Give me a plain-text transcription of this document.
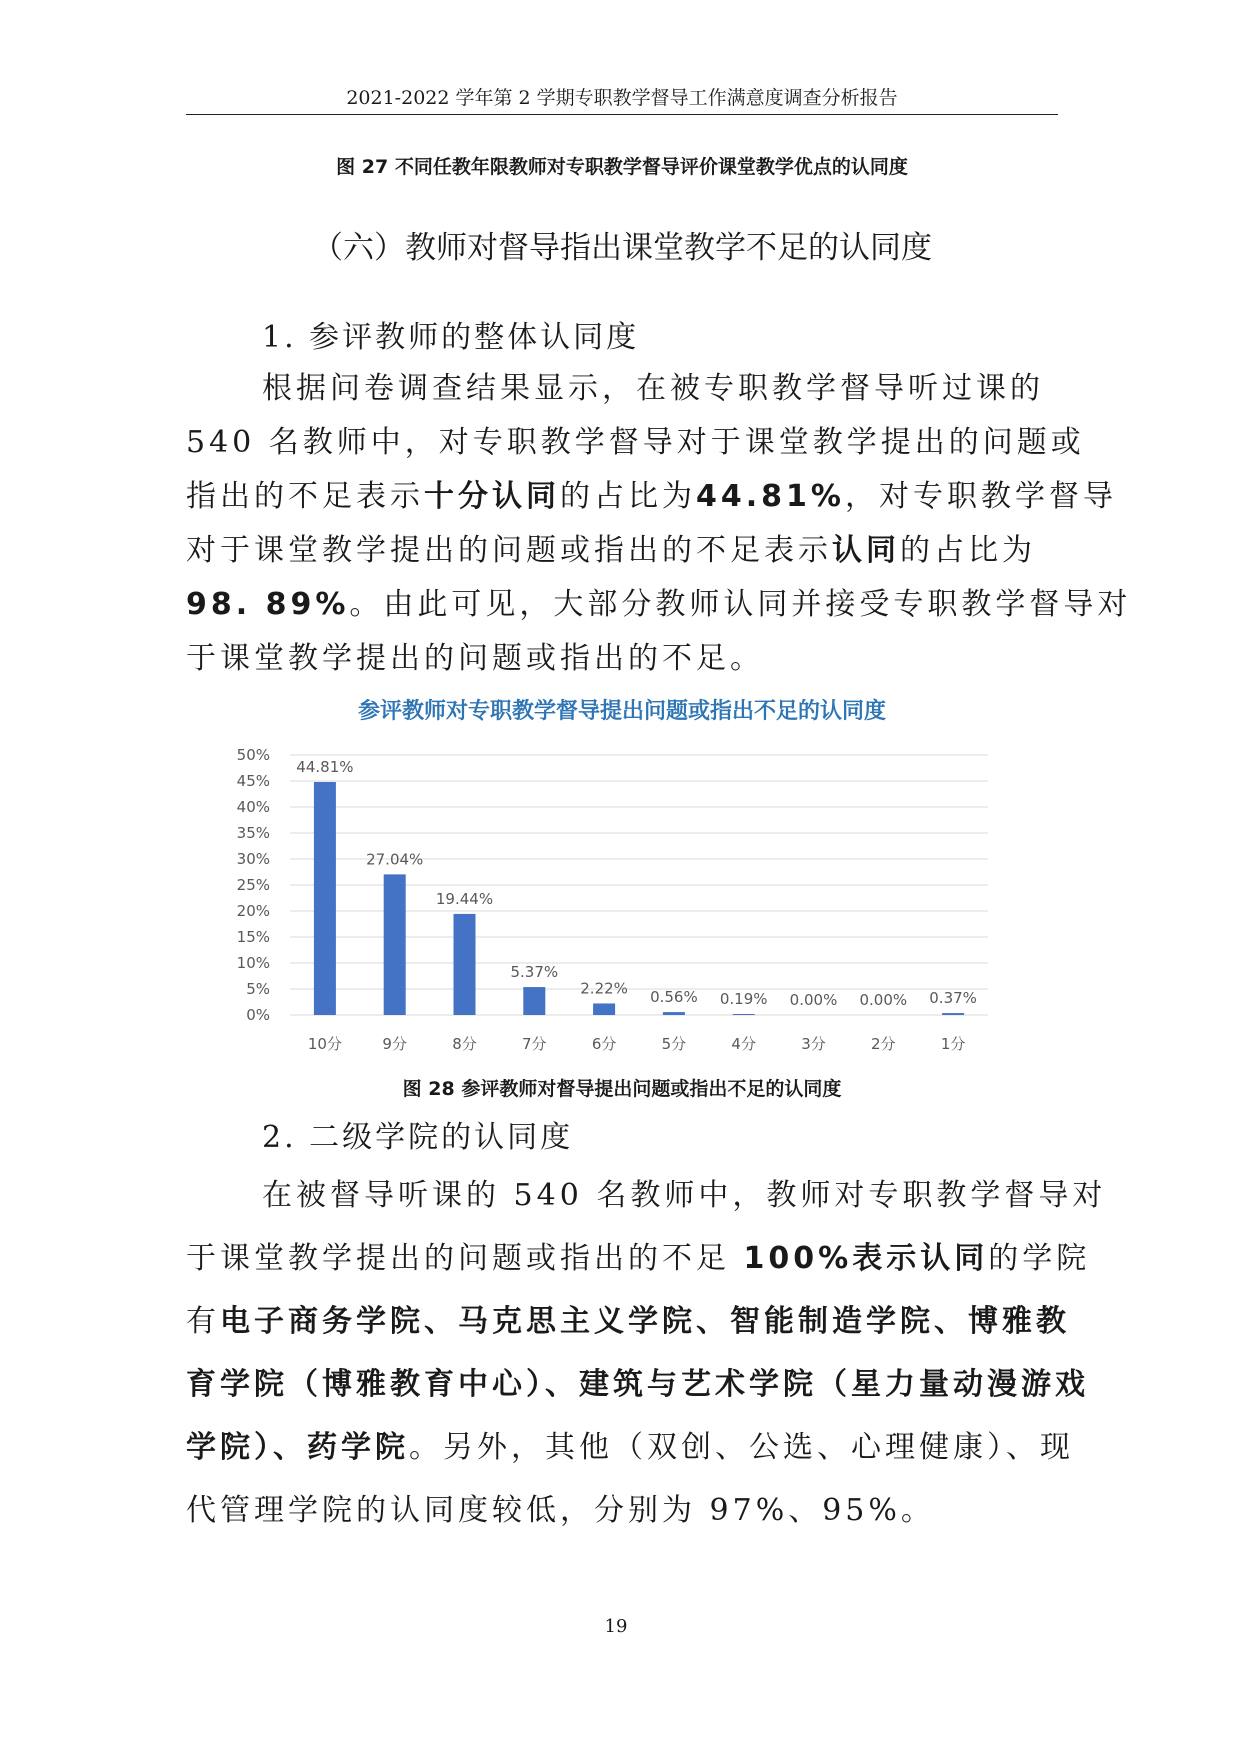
2021-2022 学年第 2 学期专职教学督导工作满意度调查分析报告
图 27 不同任教年限教师对专职教学督导评价课堂教学优点的认同度
（六）教师对督导指出课堂教学不足的认同度
1. 参评教师的整体认同度
根据问卷调查结果显示，在被专职教学督导听过课的
540 名教师中，对专职教学督导对于课堂教学提出的问题或
指出的不足表示十分认同的占比为44.81%，对专职教学督导
对于课堂教学提出的问题或指出的不足表示认同的占比为
98. 89%。由此可见，大部分教师认同并接受专职教学督导对
于课堂教学提出的问题或指出的不足。
参评教师对专职教学督导提出问题或指出不足的认同度
0%
5%
10%
15%
20%
25%
30%
35%
40%
45%
50%
44.81%
10分
27.04%
9分
19.44%
8分
5.37%
7分
2.22%
6分
0.56%
5分
0.19%
4分
0.00%
3分
0.00%
2分
0.37%
1分
图 28 参评教师对督导提出问题或指出不足的认同度
2. 二级学院的认同度
在被督导听课的 540 名教师中，教师对专职教学督导对
于课堂教学提出的问题或指出的不足 100%表示认同的学院
有电子商务学院、马克思主义学院、智能制造学院、博雅教
育学院（博雅教育中心）、建筑与艺术学院（星力量动漫游戏
学院）、药学院。另外，其他（双创、公选、心理健康）、现
代管理学院的认同度较低，分别为 97%、95%。
19
